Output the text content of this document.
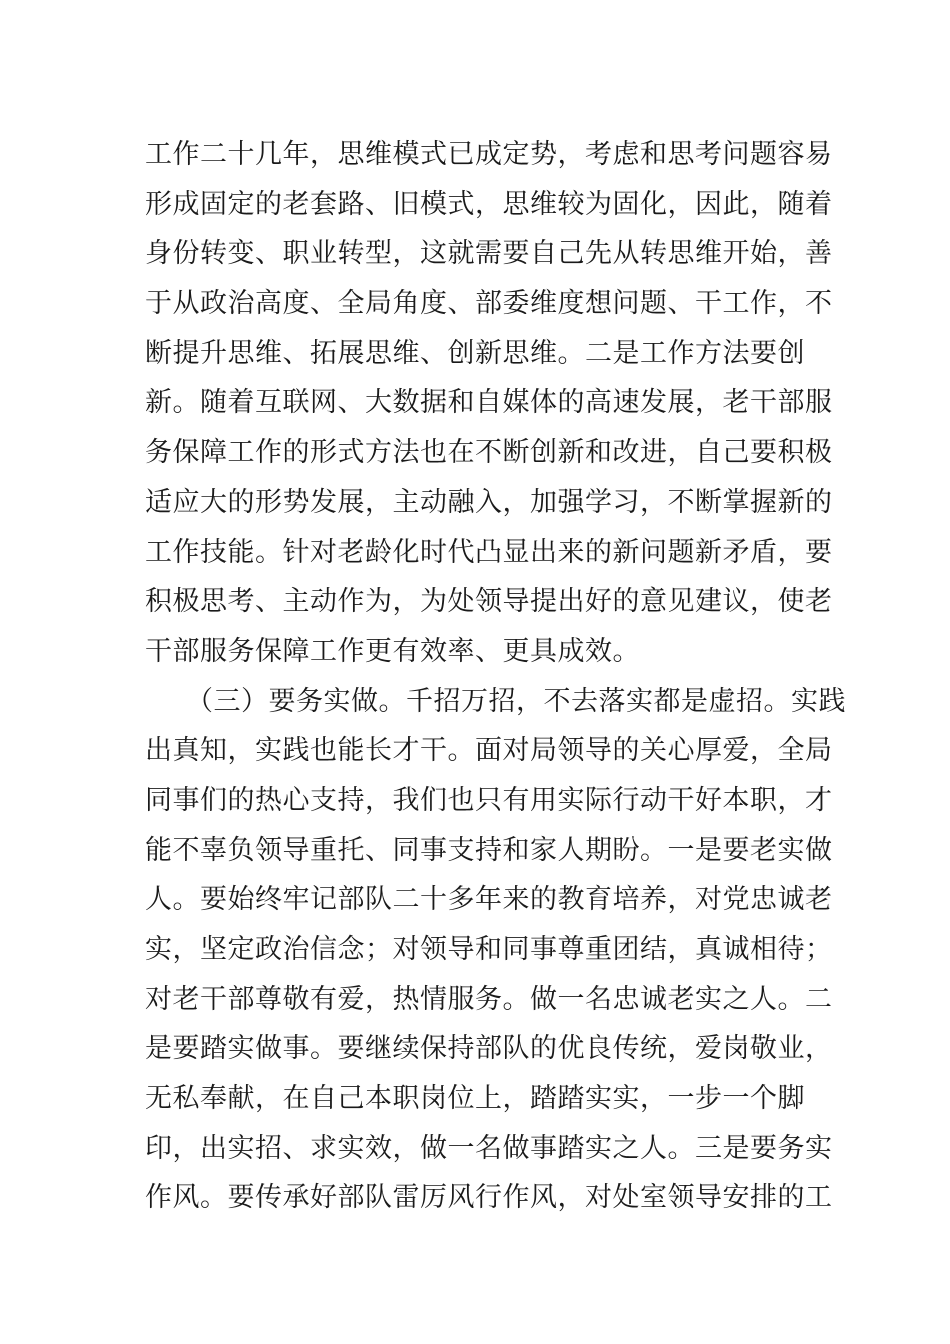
工作二十几年，思维模式已成定势，考虑和思考问题容易
形成固定的老套路、旧模式，思维较为固化，因此，随着
身份转变、职业转型，这就需要自己先从转思维开始，善
于从政治高度、全局角度、部委维度想问题、干工作，不
断提升思维、拓展思维、创新思维。二是工作方法要创
新。随着互联网、大数据和自媒体的高速发展，老干部服
务保障工作的形式方法也在不断创新和改进，自己要积极
适应大的形势发展，主动融入，加强学习，不断掌握新的
工作技能。针对老龄化时代凸显出来的新问题新矛盾，要
积极思考、主动作为，为处领导提出好的意见建议，使老
干部服务保障工作更有效率、更具成效。
（三）要务实做。千招万招，不去落实都是虚招。实践
出真知，实践也能长才干。面对局领导的关心厚爱，全局
同事们的热心支持，我们也只有用实际行动干好本职，才
能不辜负领导重托、同事支持和家人期盼。一是要老实做
人。要始终牢记部队二十多年来的教育培养，对党忠诚老
实，坚定政治信念；对领导和同事尊重团结，真诚相待；
对老干部尊敬有爱，热情服务。做一名忠诚老实之人。二
是要踏实做事。要继续保持部队的优良传统，爱岗敬业，
无私奉献，在自己本职岗位上，踏踏实实，一步一个脚
印，出实招、求实效，做一名做事踏实之人。三是要务实
作风。要传承好部队雷厉风行作风，对处室领导安排的工
